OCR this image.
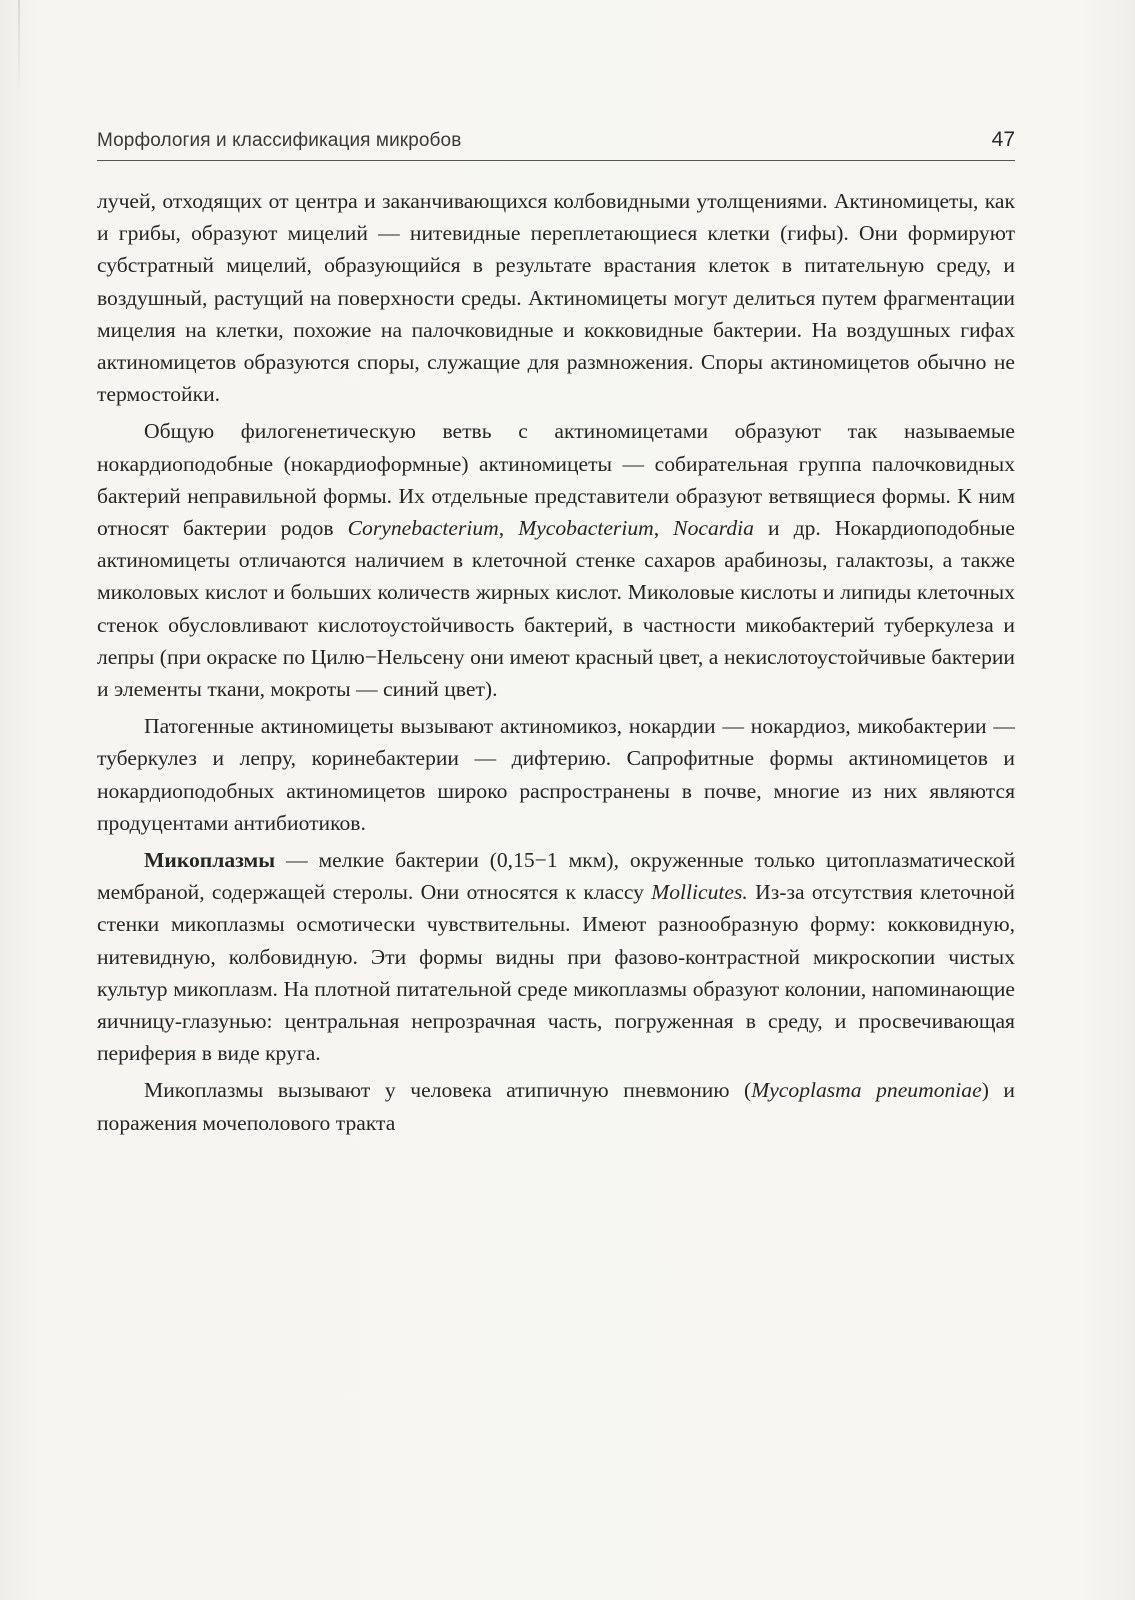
Морфология и классификация микробов	47

лучей, отходящих от центра и заканчивающихся колбовидными утолщениями. Актиномицеты, как и грибы, образуют мицелий — нитевидные переплетающиеся клетки (гифы). Они формируют субстратный мицелий, образующийся в результате врастания клеток в питательную среду, и воздушный, растущий на поверхности среды. Актиномицеты могут делиться путем фрагментации мицелия на клетки, похожие на палочковидные и кокковидные бактерии. На воздушных гифах актиномицетов образуются споры, служащие для размножения. Споры актиномицетов обычно не термостойки.

Общую филогенетическую ветвь с актиномицетами образуют так называемые нокардиоподобные (нокардиоформные) актиномицеты — собирательная группа палочковидных бактерий неправильной формы. Их отдельные представители образуют ветвящиеся формы. К ним относят бактерии родов Corynebacterium, Mycobacterium, Nocardia и др. Нокардиоподобные актиномицеты отличаются наличием в клеточной стенке сахаров арабинозы, галактозы, а также миколовых кислот и больших количеств жирных кислот. Миколовые кислоты и липиды клеточных стенок обусловливают кислотоустойчивость бактерий, в частности микобактерий туберкулеза и лепры (при окраске по Цилю−Нельсену они имеют красный цвет, а некислотоустойчивые бактерии и элементы ткани, мокроты — синий цвет).

Патогенные актиномицеты вызывают актиномикоз, нокардии — нокардиоз, микобактерии — туберкулез и лепру, коринебактерии — дифтерию. Сапрофитные формы актиномицетов и нокардиоподобных актиномицетов широко распространены в почве, многие из них являются продуцентами антибиотиков.

Микоплазмы — мелкие бактерии (0,15−1 мкм), окруженные только цитоплазматической мембраной, содержащей стеролы. Они относятся к классу Mollicutes. Из-за отсутствия клеточной стенки микоплазмы осмотически чувствительны. Имеют разнообразную форму: кокковидную, нитевидную, колбовидную. Эти формы видны при фазово-контрастной микроскопии чистых культур микоплазм. На плотной питательной среде микоплазмы образуют колонии, напоминающие яичницу-глазунью: центральная непрозрачная часть, погруженная в среду, и просвечивающая периферия в виде круга.

Микоплазмы вызывают у человека атипичную пневмонию (Mycoplasma pneumoniae) и поражения мочеполового тракта
